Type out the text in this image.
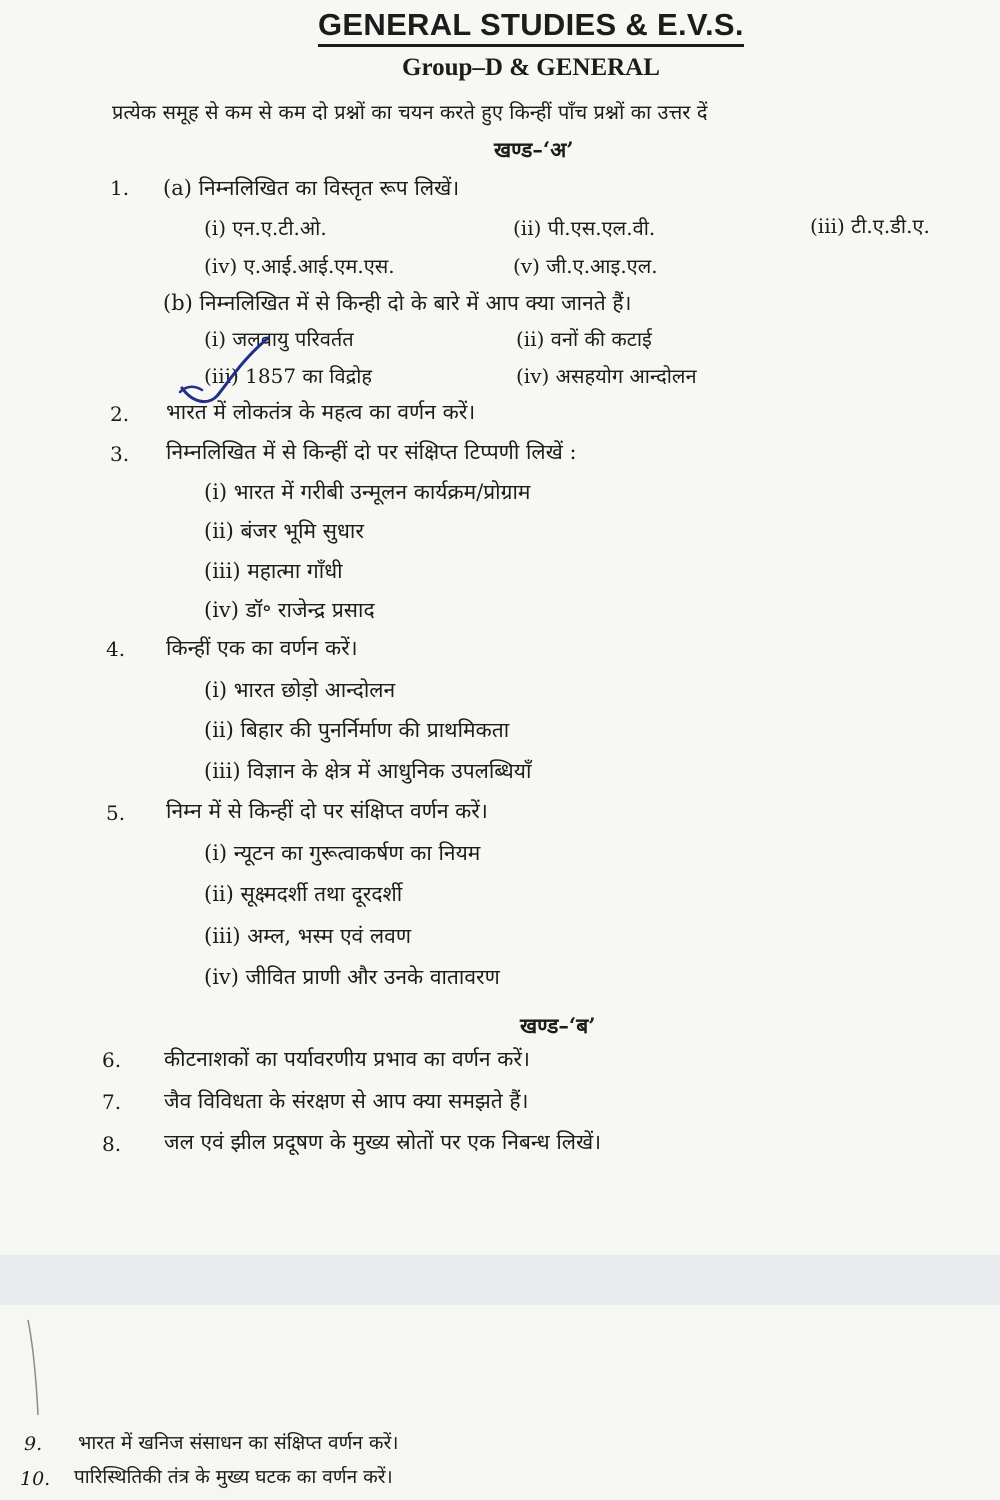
GENERAL STUDIES & E.V.S.
Group–D & GENERAL
प्रत्येक समूह से कम से कम दो प्रश्नों का चयन करते हुए किन्हीं पाँच प्रश्नों का उत्तर दें
खण्ड–‘अ’
1. (a) निम्नलिखित का विस्तृत रूप लिखें।
(i) एन.ए.टी.ओ.	(ii) पी.एस.एल.वी.	(iii) टी.ए.डी.ए.
(iv) ए.आई.आई.एम.एस.	(v) जी.ए.आइ.एल.
(b) निम्नलिखित में से किन्ही दो के बारे में आप क्या जानते हैं।
(i) जलवायु परिवर्तत	(ii) वनों की कटाई
(iii) 1857 का विद्रोह	(iv) असहयोग आन्दोलन
2. भारत में लोकतंत्र के महत्व का वर्णन करें।
3. निम्नलिखित में से किन्हीं दो पर संक्षिप्त टिप्पणी लिखें :
(i) भारत में गरीबी उन्मूलन कार्यक्रम/प्रोग्राम
(ii) बंजर भूमि सुधार
(iii) महात्मा गाँधी
(iv) डॉ॰ राजेन्द्र प्रसाद
4. किन्हीं एक का वर्णन करें।
(i) भारत छोड़ो आन्दोलन
(ii) बिहार की पुनर्निर्माण की प्राथमिकता
(iii) विज्ञान के क्षेत्र में आधुनिक उपलब्धियाँ
5. निम्न में से किन्हीं दो पर संक्षिप्त वर्णन करें।
(i) न्यूटन का गुरूत्वाकर्षण का नियम
(ii) सूक्ष्मदर्शी तथा दूरदर्शी
(iii) अम्ल, भस्म एवं लवण
(iv) जीवित प्राणी और उनके वातावरण
खण्ड–‘ब’
6. कीटनाशकों का पर्यावरणीय प्रभाव का वर्णन करें।
7. जैव विविधता के संरक्षण से आप क्या समझते हैं।
8. जल एवं झील प्रदूषण के मुख्य स्रोतों पर एक निबन्ध लिखें।
9. भारत में खनिज संसाधन का संक्षिप्त वर्णन करें।
10. पारिस्थितिकी तंत्र के मुख्य घटक का वर्णन करें।
